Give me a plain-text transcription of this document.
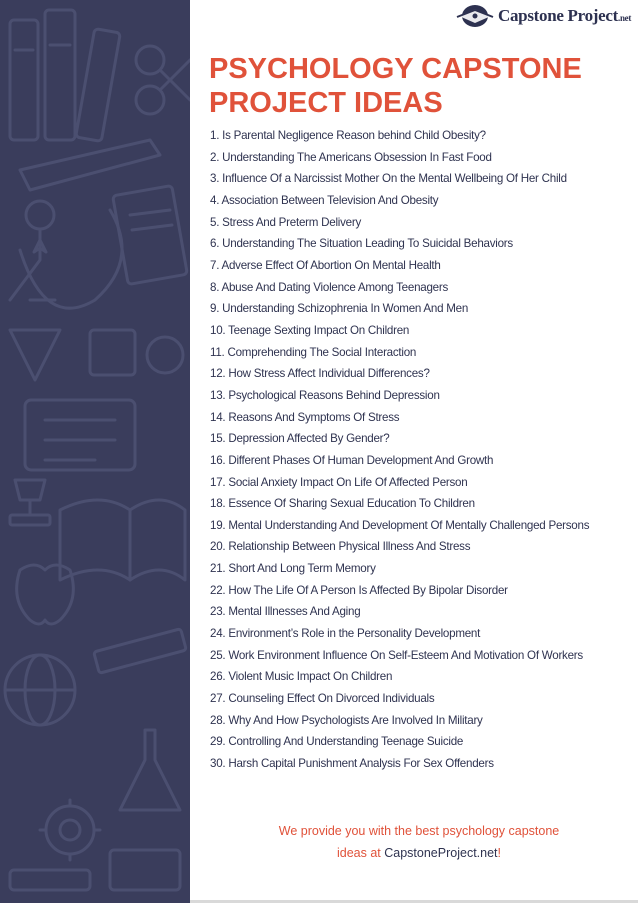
Capstone Project.net
PSYCHOLOGY CAPSTONE
PROJECT IDEAS
1. Is Parental Negligence Reason behind Child Obesity?
2. Understanding The Americans Obsession In Fast Food
3. Influence Of a Narcissist Mother On the Mental Wellbeing Of Her Child
4. Association Between Television And Obesity
5. Stress And Preterm Delivery
6. Understanding The Situation Leading To Suicidal Behaviors
7. Adverse Effect Of Abortion On Mental Health
8. Abuse And Dating Violence Among Teenagers
9. Understanding Schizophrenia In Women And Men
10. Teenage Sexting Impact On Children
11. Comprehending The Social Interaction
12. How Stress Affect Individual Differences?
13. Psychological Reasons Behind Depression
14. Reasons And Symptoms Of Stress
15. Depression Affected By Gender?
16. Different Phases Of Human Development And Growth
17. Social Anxiety Impact On Life Of Affected Person
18. Essence Of Sharing Sexual Education To Children
19. Mental Understanding And Development Of Mentally Challenged Persons
20. Relationship Between Physical Illness And Stress
21. Short And Long Term Memory
22. How The Life Of A Person Is Affected By Bipolar Disorder
23. Mental Illnesses And Aging
24. Environment’s Role in the Personality Development
25. Work Environment Influence On Self-Esteem And Motivation Of Workers
26. Violent Music Impact On Children
27. Counseling Effect On Divorced Individuals
28. Why And How Psychologists Are Involved In Military
29. Controlling And Understanding Teenage Suicide
30. Harsh Capital Punishment Analysis For Sex Offenders

We provide you with the best psychology capstone
ideas at CapstoneProject.net!
